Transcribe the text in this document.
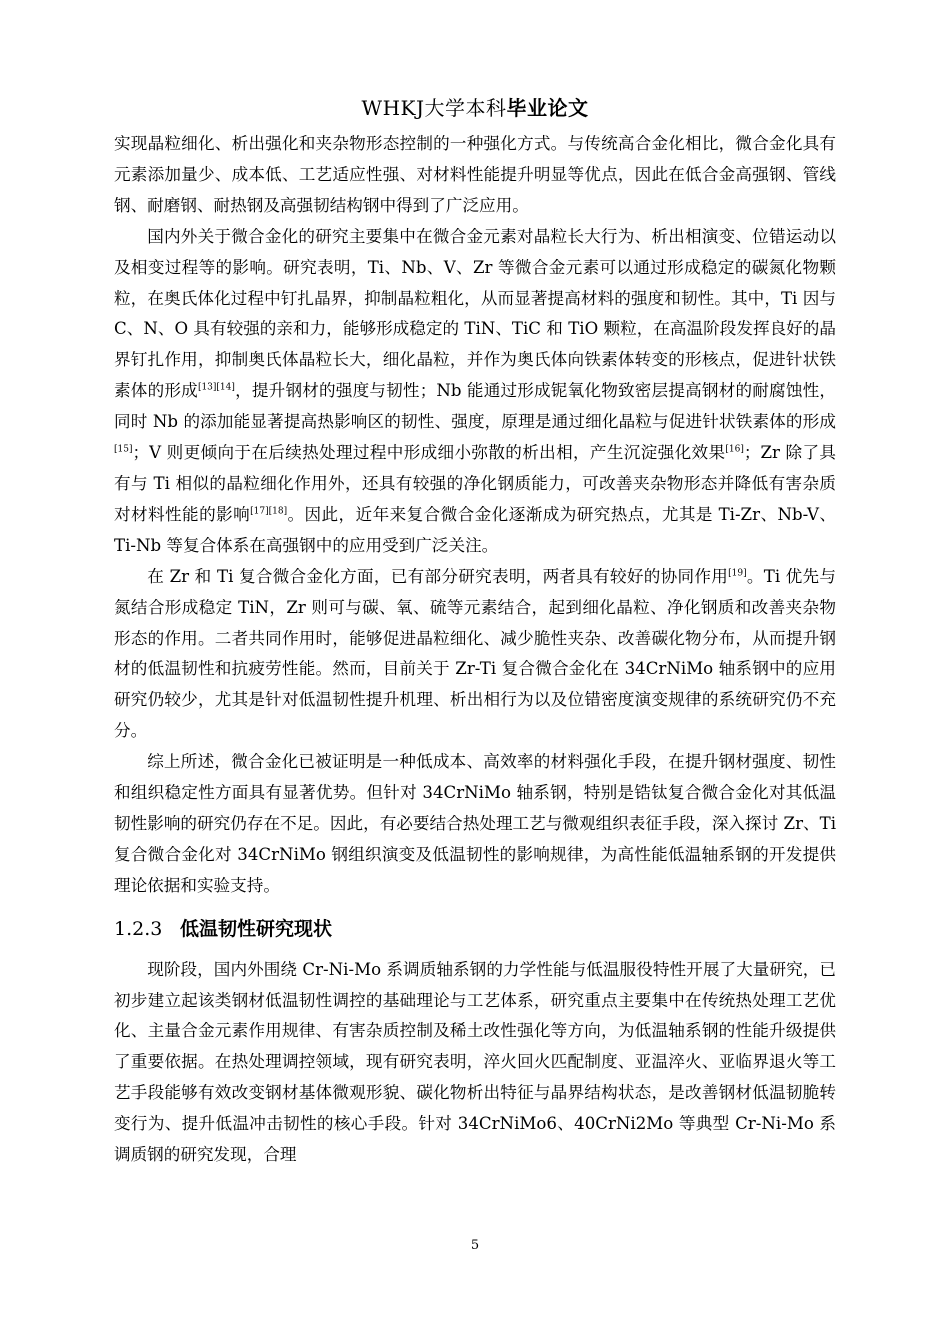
WHKJ大学本科毕业论文

实现晶粒细化、析出强化和夹杂物形态控制的一种强化方式。与传统高合金化相比，微合金化具有元素添加量少、成本低、工艺适应性强、对材料性能提升明显等优点，因此在低合金高强钢、管线钢、耐磨钢、耐热钢及高强韧结构钢中得到了广泛应用。

国内外关于微合金化的研究主要集中在微合金元素对晶粒长大行为、析出相演变、位错运动以及相变过程等的影响。研究表明，Ti、Nb、V、Zr 等微合金元素可以通过形成稳定的碳氮化物颗粒，在奥氏体化过程中钉扎晶界，抑制晶粒粗化，从而显著提高材料的强度和韧性。其中，Ti 因与 C、N、O 具有较强的亲和力，能够形成稳定的 TiN、TiC 和 TiO 颗粒，在高温阶段发挥良好的晶界钉扎作用，抑制奥氏体晶粒长大，细化晶粒，并作为奥氏体向铁素体转变的形核点，促进针状铁素体的形成[13][14]，提升钢材的强度与韧性；Nb 能通过形成铌氧化物致密层提高钢材的耐腐蚀性，同时 Nb 的添加能显著提高热影响区的韧性、强度，原理是通过细化晶粒与促进针状铁素体的形成[15]；V 则更倾向于在后续热处理过程中形成细小弥散的析出相，产生沉淀强化效果[16]；Zr 除了具有与 Ti 相似的晶粒细化作用外，还具有较强的净化钢质能力，可改善夹杂物形态并降低有害杂质对材料性能的影响[17][18]。因此，近年来复合微合金化逐渐成为研究热点，尤其是 Ti-Zr、Nb-V、Ti-Nb 等复合体系在高强钢中的应用受到广泛关注。

在 Zr 和 Ti 复合微合金化方面，已有部分研究表明，两者具有较好的协同作用[19]。Ti 优先与氮结合形成稳定 TiN，Zr 则可与碳、氧、硫等元素结合，起到细化晶粒、净化钢质和改善夹杂物形态的作用。二者共同作用时，能够促进晶粒细化、减少脆性夹杂、改善碳化物分布，从而提升钢材的低温韧性和抗疲劳性能。然而，目前关于 Zr-Ti 复合微合金化在 34CrNiMo 轴系钢中的应用研究仍较少，尤其是针对低温韧性提升机理、析出相行为以及位错密度演变规律的系统研究仍不充分。

综上所述，微合金化已被证明是一种低成本、高效率的材料强化手段，在提升钢材强度、韧性和组织稳定性方面具有显著优势。但针对 34CrNiMo 轴系钢，特别是锆钛复合微合金化对其低温韧性影响的研究仍存在不足。因此，有必要结合热处理工艺与微观组织表征手段，深入探讨 Zr、Ti 复合微合金化对 34CrNiMo 钢组织演变及低温韧性的影响规律，为高性能低温轴系钢的开发提供理论依据和实验支持。

1.2.3 低温韧性研究现状

现阶段，国内外围绕 Cr-Ni-Mo 系调质轴系钢的力学性能与低温服役特性开展了大量研究，已初步建立起该类钢材低温韧性调控的基础理论与工艺体系，研究重点主要集中在传统热处理工艺优化、主量合金元素作用规律、有害杂质控制及稀土改性强化等方向，为低温轴系钢的性能升级提供了重要依据。在热处理调控领域，现有研究表明，淬火回火匹配制度、亚温淬火、亚临界退火等工艺手段能够有效改变钢材基体微观形貌、碳化物析出特征与晶界结构状态，是改善钢材低温韧脆转变行为、提升低温冲击韧性的核心手段。针对 34CrNiMo6、40CrNi2Mo 等典型 Cr-Ni-Mo 系调质钢的研究发现，合理

5
